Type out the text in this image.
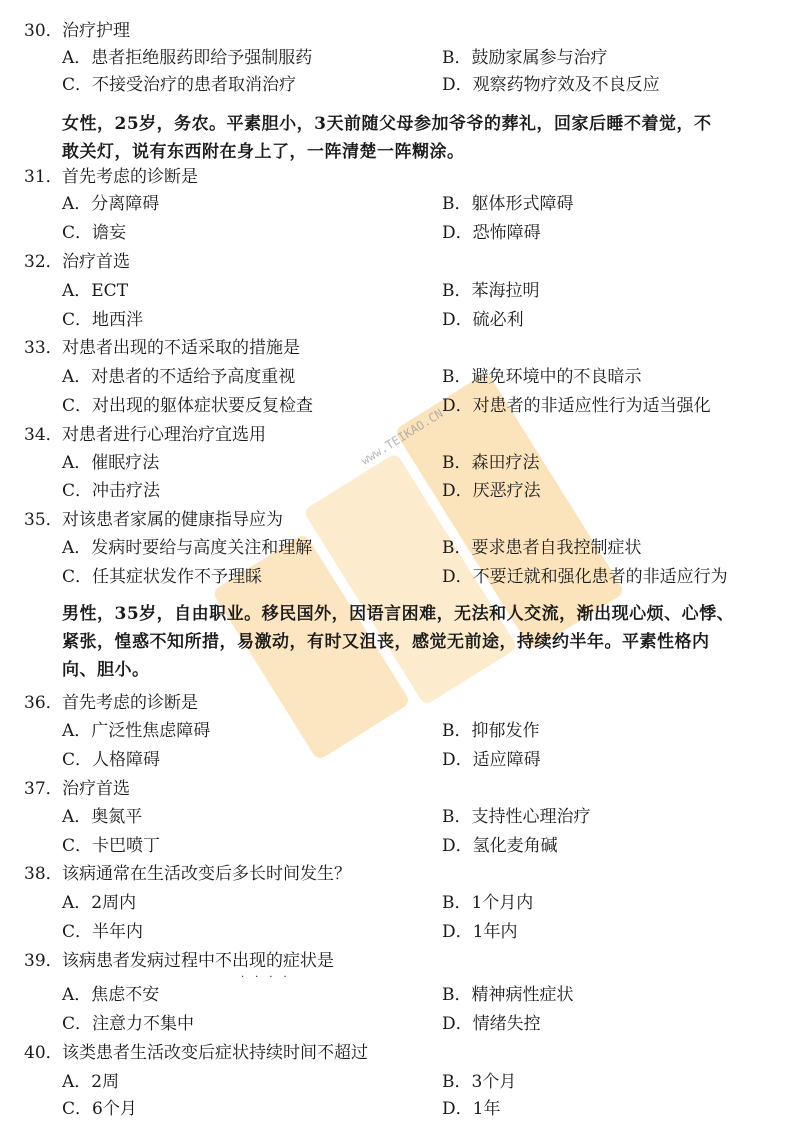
www.TEIKAO.CN
30． 治疗护理
A．患者拒绝服药即给予强制服药	B．鼓励家属参与治疗
C．不接受治疗的患者取消治疗	D．观察药物疗效及不良反应
女性，25岁，务农。平素胆小，3天前随父母参加爷爷的葬礼，回家后睡不着觉，不
敢关灯，说有东西附在身上了，一阵清楚一阵糊涂。
31． 首先考虑的诊断是
A．分离障碍	B．躯体形式障碍
C．谵妄	D．恐怖障碍
32． 治疗首选
A．ECT	B．苯海拉明
C．地西泮	D．硫必利
33． 对患者出现的不适采取的措施是
A．对患者的不适给予高度重视	B．避免环境中的不良暗示
C．对出现的躯体症状要反复检查	D．对患者的非适应性行为适当强化
34． 对患者进行心理治疗宜选用
A．催眠疗法	B．森田疗法
C．冲击疗法	D．厌恶疗法
35． 对该患者家属的健康指导应为
A．发病时要给与高度关注和理解	B．要求患者自我控制症状
C．任其症状发作不予理睬	D．不要迁就和强化患者的非适应行为
男性，35岁，自由职业。移民国外，因语言困难，无法和人交流，渐出现心烦、心悸、
紧张，惶惑不知所措，易激动，有时又沮丧，感觉无前途，持续约半年。平素性格内
向、胆小。
36． 首先考虑的诊断是
A．广泛性焦虑障碍	B．抑郁发作
C．人格障碍	D．适应障碍
37． 治疗首选
A．奥氮平	B．支持性心理治疗
C．卡巴喷丁	D．氢化麦角碱
38． 该病通常在生活改变后多长时间发生？
A．2周内	B．1个月内
C．半年内	D．1年内
39． 该病患者发病过程中不出现的症状是
····
A．焦虑不安	B．精神病性症状
C．注意力不集中	D．情绪失控
40． 该类患者生活改变后症状持续时间不超过
A．2周	B．3个月
C．6个月	D．1年
